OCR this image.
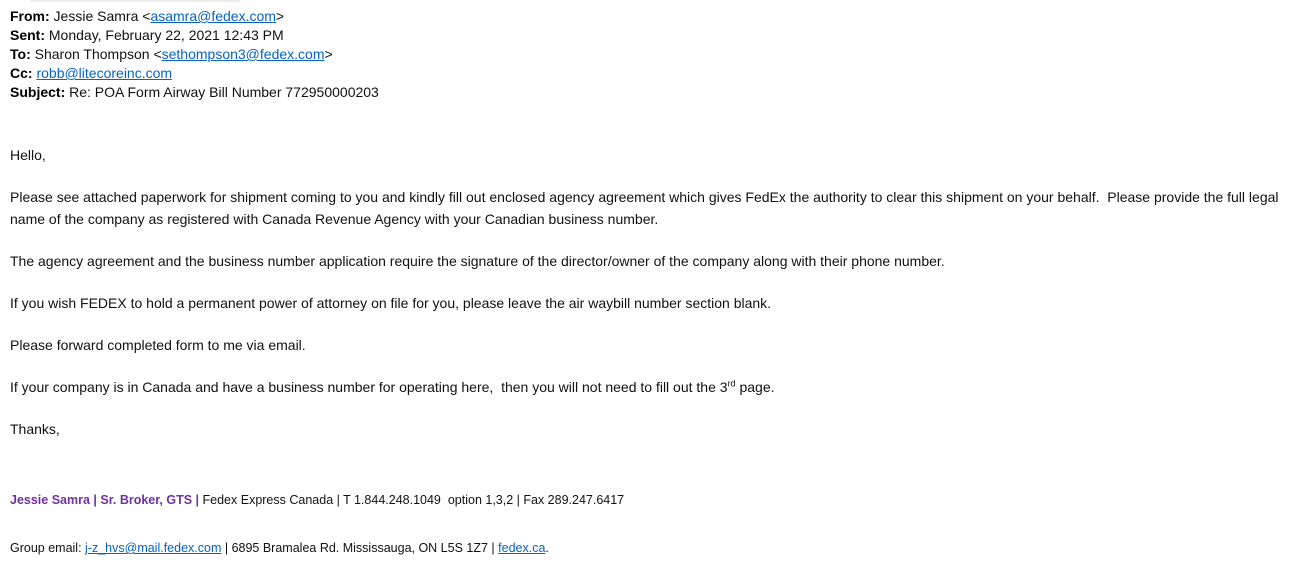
From: Jessie Samra <asamra@fedex.com>
Sent: Monday, February 22, 2021 12:43 PM
To: Sharon Thompson <sethompson3@fedex.com>
Cc: robb@litecoreinc.com
Subject: Re: POA Form Airway Bill Number 772950000203

Hello,

Please see attached paperwork for shipment coming to you and kindly fill out enclosed agency agreement which gives FedEx the authority to clear this shipment on your behalf.  Please provide the full legal name of the company as registered with Canada Revenue Agency with your Canadian business number.

The agency agreement and the business number application require the signature of the director/owner of the company along with their phone number.

If you wish FEDEX to hold a permanent power of attorney on file for you, please leave the air waybill number section blank.

Please forward completed form to me via email.

If your company is in Canada and have a business number for operating here,  then you will not need to fill out the 3rd page.

Thanks,

Jessie Samra | Sr. Broker, GTS | Fedex Express Canada | T 1.844.248.1049  option 1,3,2 | Fax 289.247.6417

Group email: j-z_hvs@mail.fedex.com | 6895 Bramalea Rd. Mississauga, ON L5S 1Z7 | fedex.ca.
